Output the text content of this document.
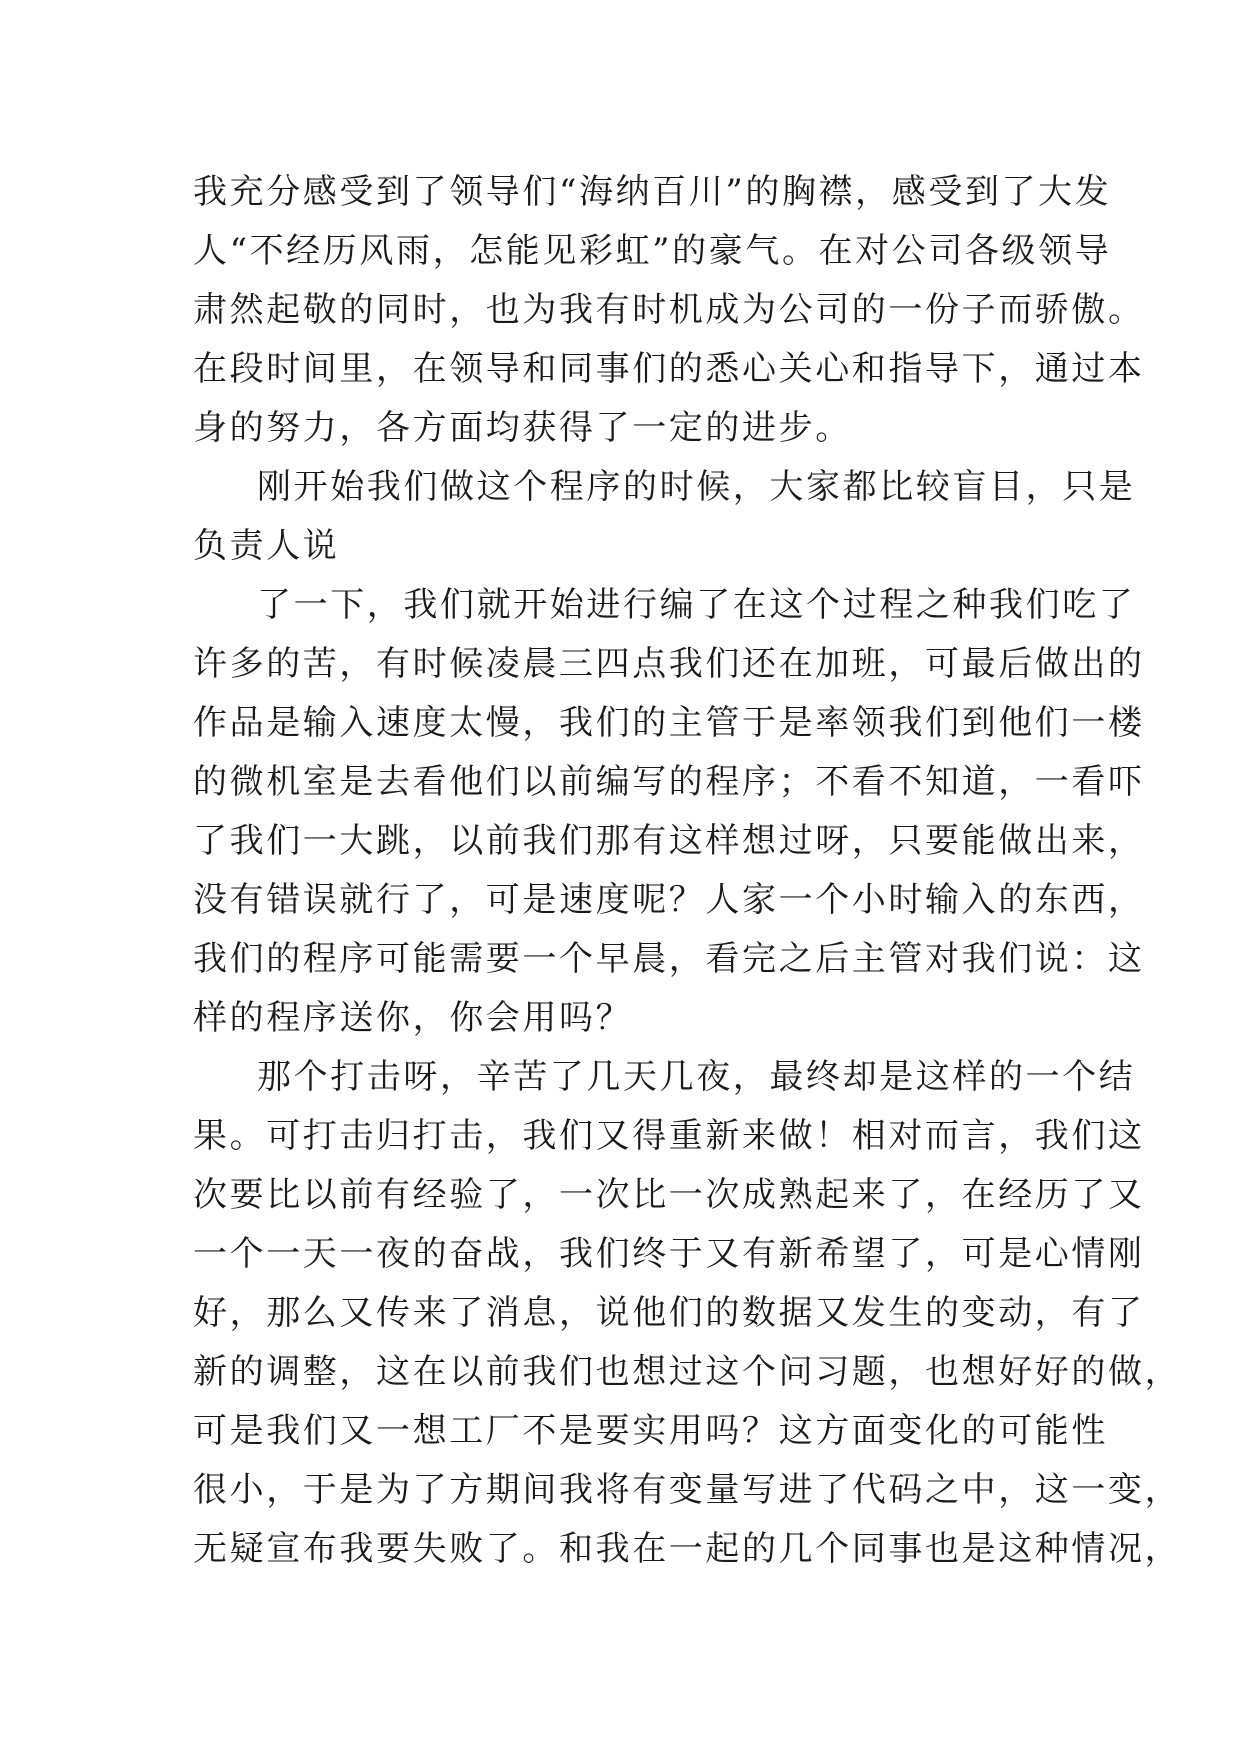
我充分感受到了领导们“海纳百川”的胸襟，感受到了大发
人“不经历风雨，怎能见彩虹”的豪气。在对公司各级领导
肃然起敬的同时，也为我有时机成为公司的一份子而骄傲。
在段时间里，在领导和同事们的悉心关心和指导下，通过本
身的努力，各方面均获得了一定的进步。
刚开始我们做这个程序的时候，大家都比较盲目，只是
负责人说
了一下，我们就开始进行编了在这个过程之种我们吃了
许多的苦，有时候凌晨三四点我们还在加班，可最后做出的
作品是输入速度太慢，我们的主管于是率领我们到他们一楼
的微机室是去看他们以前编写的程序；不看不知道，一看吓
了我们一大跳，以前我们那有这样想过呀，只要能做出来，
没有错误就行了，可是速度呢？人家一个小时输入的东西，
我们的程序可能需要一个早晨，看完之后主管对我们说：这
样的程序送你，你会用吗？
那个打击呀，辛苦了几天几夜，最终却是这样的一个结
果。可打击归打击，我们又得重新来做！相对而言，我们这
次要比以前有经验了，一次比一次成熟起来了，在经历了又
一个一天一夜的奋战，我们终于又有新希望了，可是心情刚
好，那么又传来了消息，说他们的数据又发生的变动，有了
新的调整，这在以前我们也想过这个问习题，也想好好的做，
可是我们又一想工厂不是要实用吗？这方面变化的可能性
很小，于是为了方期间我将有变量写进了代码之中，这一变，
无疑宣布我要失败了。和我在一起的几个同事也是这种情况，
